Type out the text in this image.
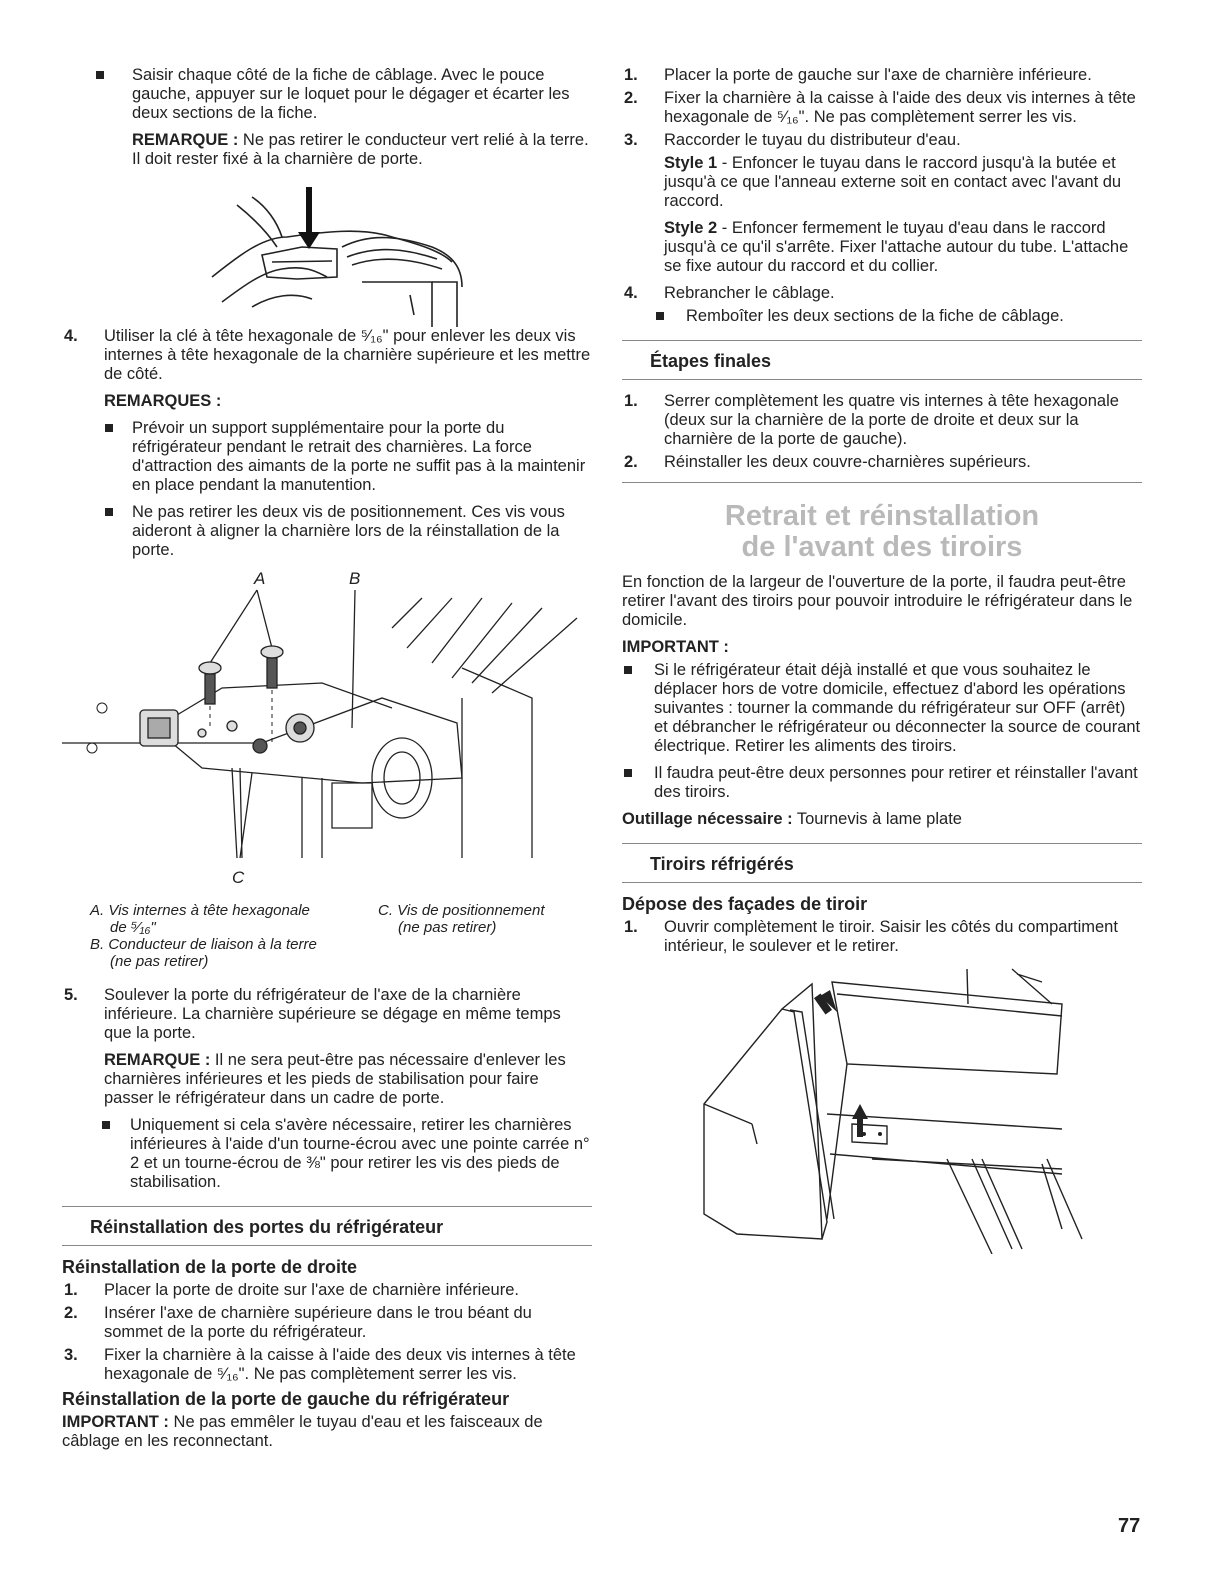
Saisir chaque côté de la fiche de câblage. Avec le pouce gauche, appuyer sur le loquet pour le dégager et écarter les deux sections de la fiche.

REMARQUE : Ne pas retirer le conducteur vert relié à la terre. Il doit rester fixé à la charnière de porte.

4. Utiliser la clé à tête hexagonale de ⁵⁄₁₆" pour enlever les deux vis internes à tête hexagonale de la charnière supérieure et les mettre de côté.

REMARQUES :

Prévoir un support supplémentaire pour la porte du réfrigérateur pendant le retrait des charnières. La force d'attraction des aimants de la porte ne suffit pas à la maintenir en place pendant la manutention.
Ne pas retirer les deux vis de positionnement. Ces vis vous aideront à aligner la charnière lors de la réinstallation de la porte.
A	B
C
A. Vis internes à tête hexagonale
de ⁵⁄₁₆"
B. Conducteur de liaison à la terre
(ne pas retirer)
C. Vis de positionnement
(ne pas retirer)
5. Soulever la porte du réfrigérateur de l'axe de la charnière inférieure. La charnière supérieure se dégage en même temps que la porte.

REMARQUE : Il ne sera peut-être pas nécessaire d'enlever les charnières inférieures et les pieds de stabilisation pour faire passer le réfrigérateur dans un cadre de porte.

Uniquement si cela s'avère nécessaire, retirer les charnières inférieures à l'aide d'un tourne-écrou avec une pointe carrée n° 2 et un tourne-écrou de ⅜" pour retirer les vis des pieds de stabilisation.
Réinstallation des portes du réfrigérateur
Réinstallation de la porte de droite
1. Placer la porte de droite sur l'axe de charnière inférieure.
2. Insérer l'axe de charnière supérieure dans le trou béant du sommet de la porte du réfrigérateur.
3. Fixer la charnière à la caisse à l'aide des deux vis internes à tête hexagonale de ⁵⁄₁₆". Ne pas complètement serrer les vis.
Réinstallation de la porte de gauche du réfrigérateur

IMPORTANT : Ne pas emmêler le tuyau d'eau et les faisceaux de câblage en les reconnectant.

1. Placer la porte de gauche sur l'axe de charnière inférieure.
2. Fixer la charnière à la caisse à l'aide des deux vis internes à tête hexagonale de ⁵⁄₁₆". Ne pas complètement serrer les vis.
3. Raccorder le tuyau du distributeur d'eau.

Style 1 - Enfoncer le tuyau dans le raccord jusqu'à la butée et jusqu'à ce que l'anneau externe soit en contact avec l'avant du raccord.

Style 2 - Enfoncer fermement le tuyau d'eau dans le raccord jusqu'à ce qu'il s'arrête. Fixer l'attache autour du tube. L'attache se fixe autour du raccord et du collier.

4. Rebrancher le câblage.
Remboîter les deux sections de la fiche de câblage.
Étapes finales
1. Serrer complètement les quatre vis internes à tête hexagonale (deux sur la charnière de la porte de droite et deux sur la charnière de la porte de gauche).
2. Réinstaller les deux couvre-charnières supérieurs.
Retrait et réinstallation
de l'avant des tiroirs

En fonction de la largeur de l'ouverture de la porte, il faudra peut-être retirer l'avant des tiroirs pour pouvoir introduire le réfrigérateur dans le domicile.

IMPORTANT :

Si le réfrigérateur était déjà installé et que vous souhaitez le déplacer hors de votre domicile, effectuez d'abord les opérations suivantes : tourner la commande du réfrigérateur sur OFF (arrêt) et débrancher le réfrigérateur ou déconnecter la source de courant électrique. Retirer les aliments des tiroirs.
Il faudra peut-être deux personnes pour retirer et réinstaller l'avant des tiroirs.

Outillage nécessaire : Tournevis à lame plate

Tiroirs réfrigérés
Dépose des façades de tiroir
1. Ouvrir complètement le tiroir. Saisir les côtés du compartiment intérieur, le soulever et le retirer.
77
